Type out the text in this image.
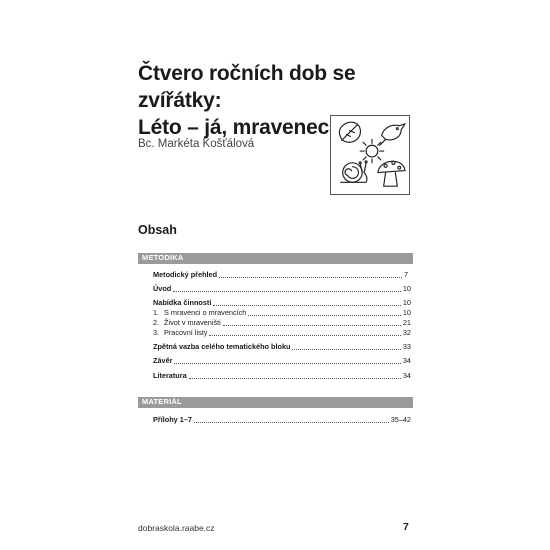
Čtvero ročních dob se zvířátky:
Léto – já, mravenec
Bc. Markéta Košťálová
Obsah
METODIKA
Metodický přehled	7
Úvod	10
Nabídka činností	10
1. S mravenci o mravencích	10
2. Život v mraveništi	21
3. Pracovní listy	32
Zpětná vazba celého tematického bloku	33
Závěr	34
Literatura	34
MATERIÁL
Přílohy 1–7	35–42
dobraskola.raabe.cz	7
